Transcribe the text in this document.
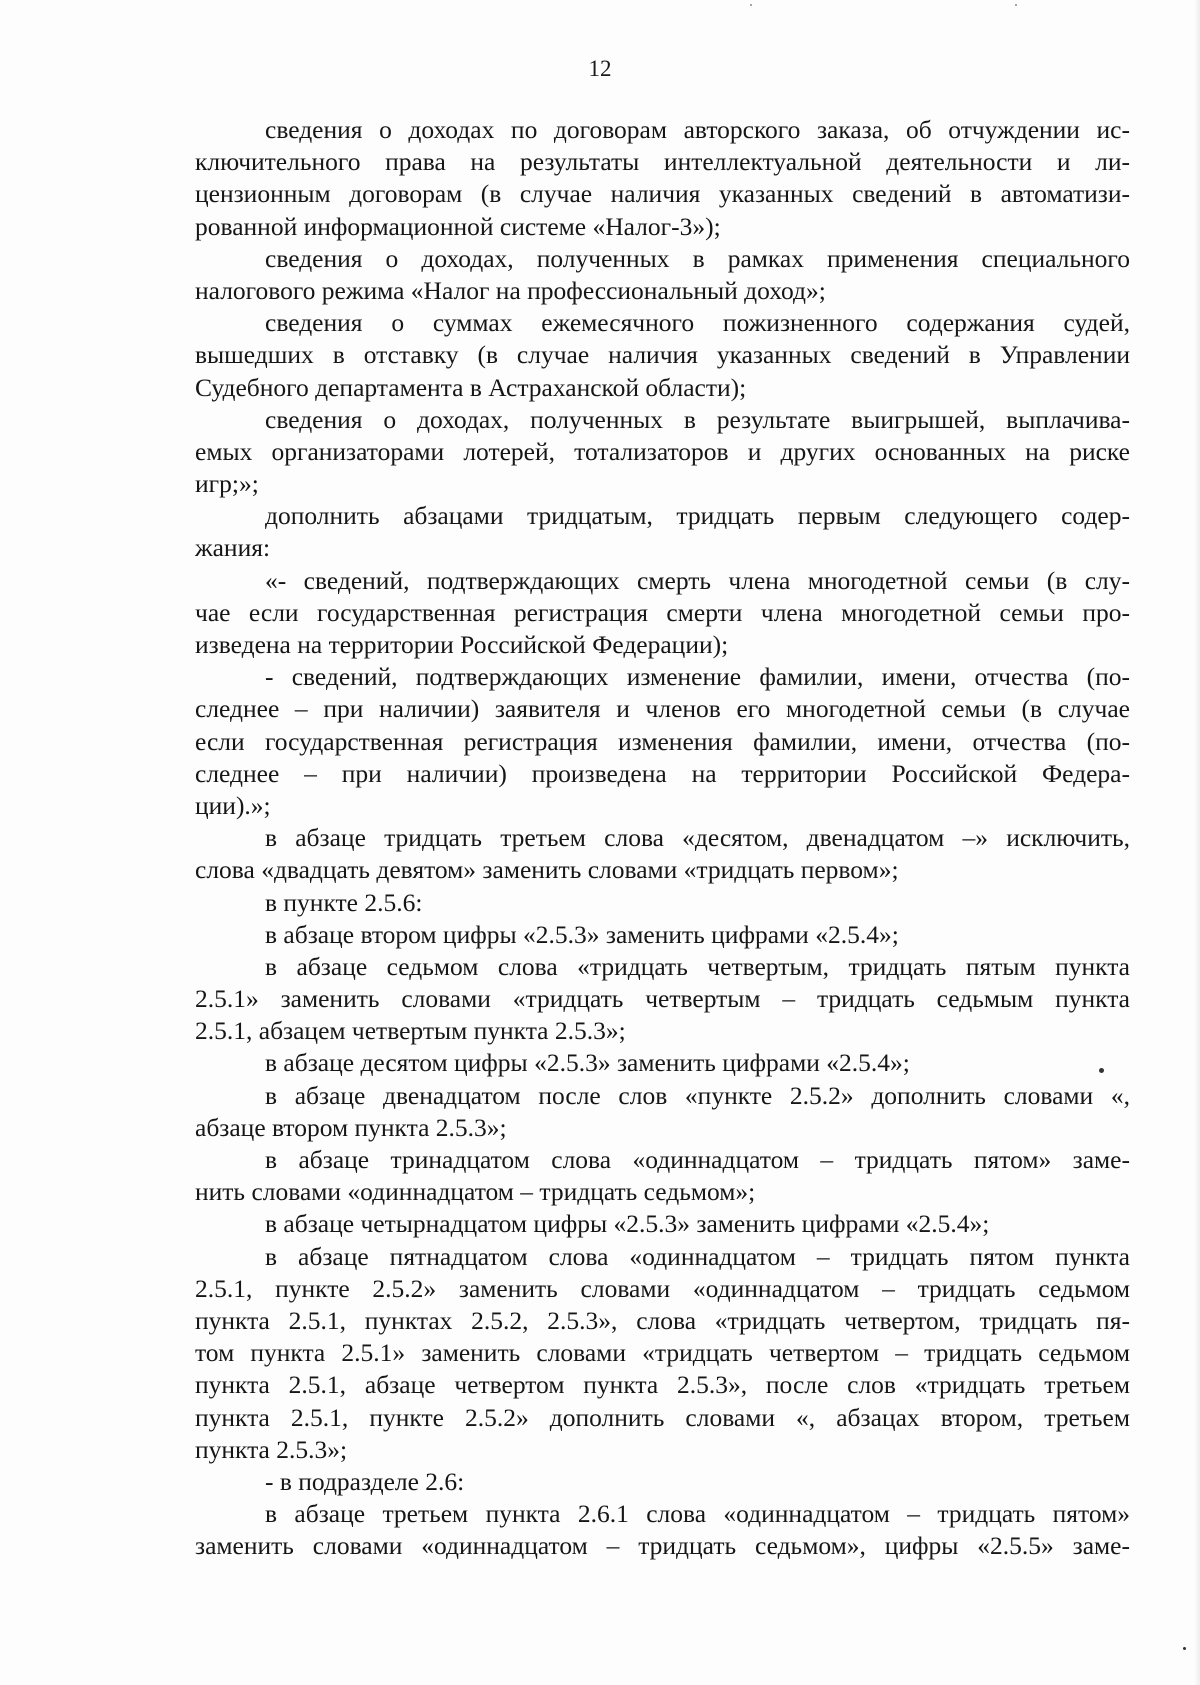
12
сведения о доходах по договорам авторского заказа, об отчуждении ис-
ключительного права на результаты интеллектуальной деятельности и ли-
цензионным договорам (в случае наличия указанных сведений в автоматизи-
рованной информационной системе «Налог-3»);
сведения о доходах, полученных в рамках применения специального
налогового режима «Налог на профессиональный доход»;
сведения о суммах ежемесячного пожизненного содержания судей,
вышедших в отставку (в случае наличия указанных сведений в Управлении
Судебного департамента в Астраханской области);
сведения о доходах, полученных в результате выигрышей, выплачива-
емых организаторами лотерей, тотализаторов и других основанных на риске
игр;»;
дополнить абзацами тридцатым, тридцать первым следующего содер-
жания:
«- сведений, подтверждающих смерть члена многодетной семьи (в слу-
чае если государственная регистрация смерти члена многодетной семьи про-
изведена на территории Российской Федерации);
- сведений, подтверждающих изменение фамилии, имени, отчества (по-
следнее – при наличии) заявителя и членов его многодетной семьи (в случае
если государственная регистрация изменения фамилии, имени, отчества (по-
следнее – при наличии) произведена на территории Российской Федера-
ции).»;
в абзаце тридцать третьем слова «десятом, двенадцатом –» исключить,
слова «двадцать девятом» заменить словами «тридцать первом»;
в пункте 2.5.6:
в абзаце втором цифры «2.5.3» заменить цифрами «2.5.4»;
в абзаце седьмом слова «тридцать четвертым, тридцать пятым пункта
2.5.1» заменить словами «тридцать четвертым – тридцать седьмым пункта
2.5.1, абзацем четвертым пункта 2.5.3»;
в абзаце десятом цифры «2.5.3» заменить цифрами «2.5.4»;
в абзаце двенадцатом после слов «пункте 2.5.2» дополнить словами «,
абзаце втором пункта 2.5.3»;
в абзаце тринадцатом слова «одиннадцатом – тридцать пятом» заме-
нить словами «одиннадцатом – тридцать седьмом»;
в абзаце четырнадцатом цифры «2.5.3» заменить цифрами «2.5.4»;
в абзаце пятнадцатом слова «одиннадцатом – тридцать пятом пункта
2.5.1, пункте 2.5.2» заменить словами «одиннадцатом – тридцать седьмом
пункта 2.5.1, пунктах 2.5.2, 2.5.3», слова «тридцать четвертом, тридцать пя-
том пункта 2.5.1» заменить словами «тридцать четвертом – тридцать седьмом
пункта 2.5.1, абзаце четвертом пункта 2.5.3», после слов «тридцать третьем
пункта 2.5.1, пункте 2.5.2» дополнить словами «, абзацах втором, третьем
пункта 2.5.3»;
- в подразделе 2.6:
в абзаце третьем пункта 2.6.1 слова «одиннадцатом – тридцать пятом»
заменить словами «одиннадцатом – тридцать седьмом», цифры «2.5.5» заме-
